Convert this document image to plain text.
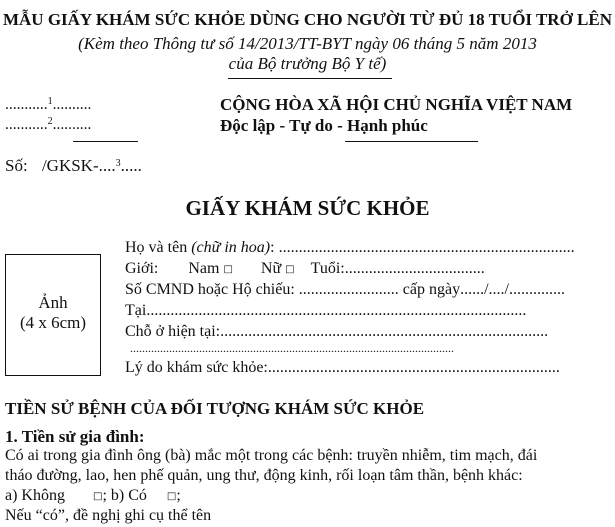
MẪU GIẤY KHÁM SỨC KHỎE DÙNG CHO NGƯỜI TỪ ĐỦ 18 TUỔI TRỞ LÊN
(Kèm theo Thông tư số 14/2013/TT-BYT ngày 06 tháng 5 năm 2013
của Bộ trưởng Bộ Y tế)
...........$^1$..........
...........$^2$..........
Số: /GKSK-....$^3$.....
CỘNG HÒA XÃ HỘI CHỦ NGHĨA VIỆT NAM
Độc lập - Tự do - Hạnh phúc
GIẤY KHÁM SỨC KHỎE
Ảnh
(4 x 6cm)
Họ và tên (chữ in hoa): ..........................................................................
Giới: Nam □ Nữ □ Tuổi:...................................
Số CMND hoặc Hộ chiếu: ......................... cấp ngày....../..../..............
Tại...............................................................................................
Chỗ ở hiện tại:..................................................................................
............................................................................................................
Lý do khám sức khỏe:.........................................................................
TIỀN SỬ BỆNH CỦA ĐỐI TƯỢNG KHÁM SỨC KHỎE
1. Tiền sử gia đình:
Có ai trong gia đình ông (bà) mắc một trong các bệnh: truyền nhiễm, tim mạch, đái
tháo đường, lao, hen phế quản, ung thư, động kinh, rối loạn tâm thần, bệnh khác:
a) Không	□; b) Có □;
Nếu “có”, đề nghị ghi cụ thể tên
